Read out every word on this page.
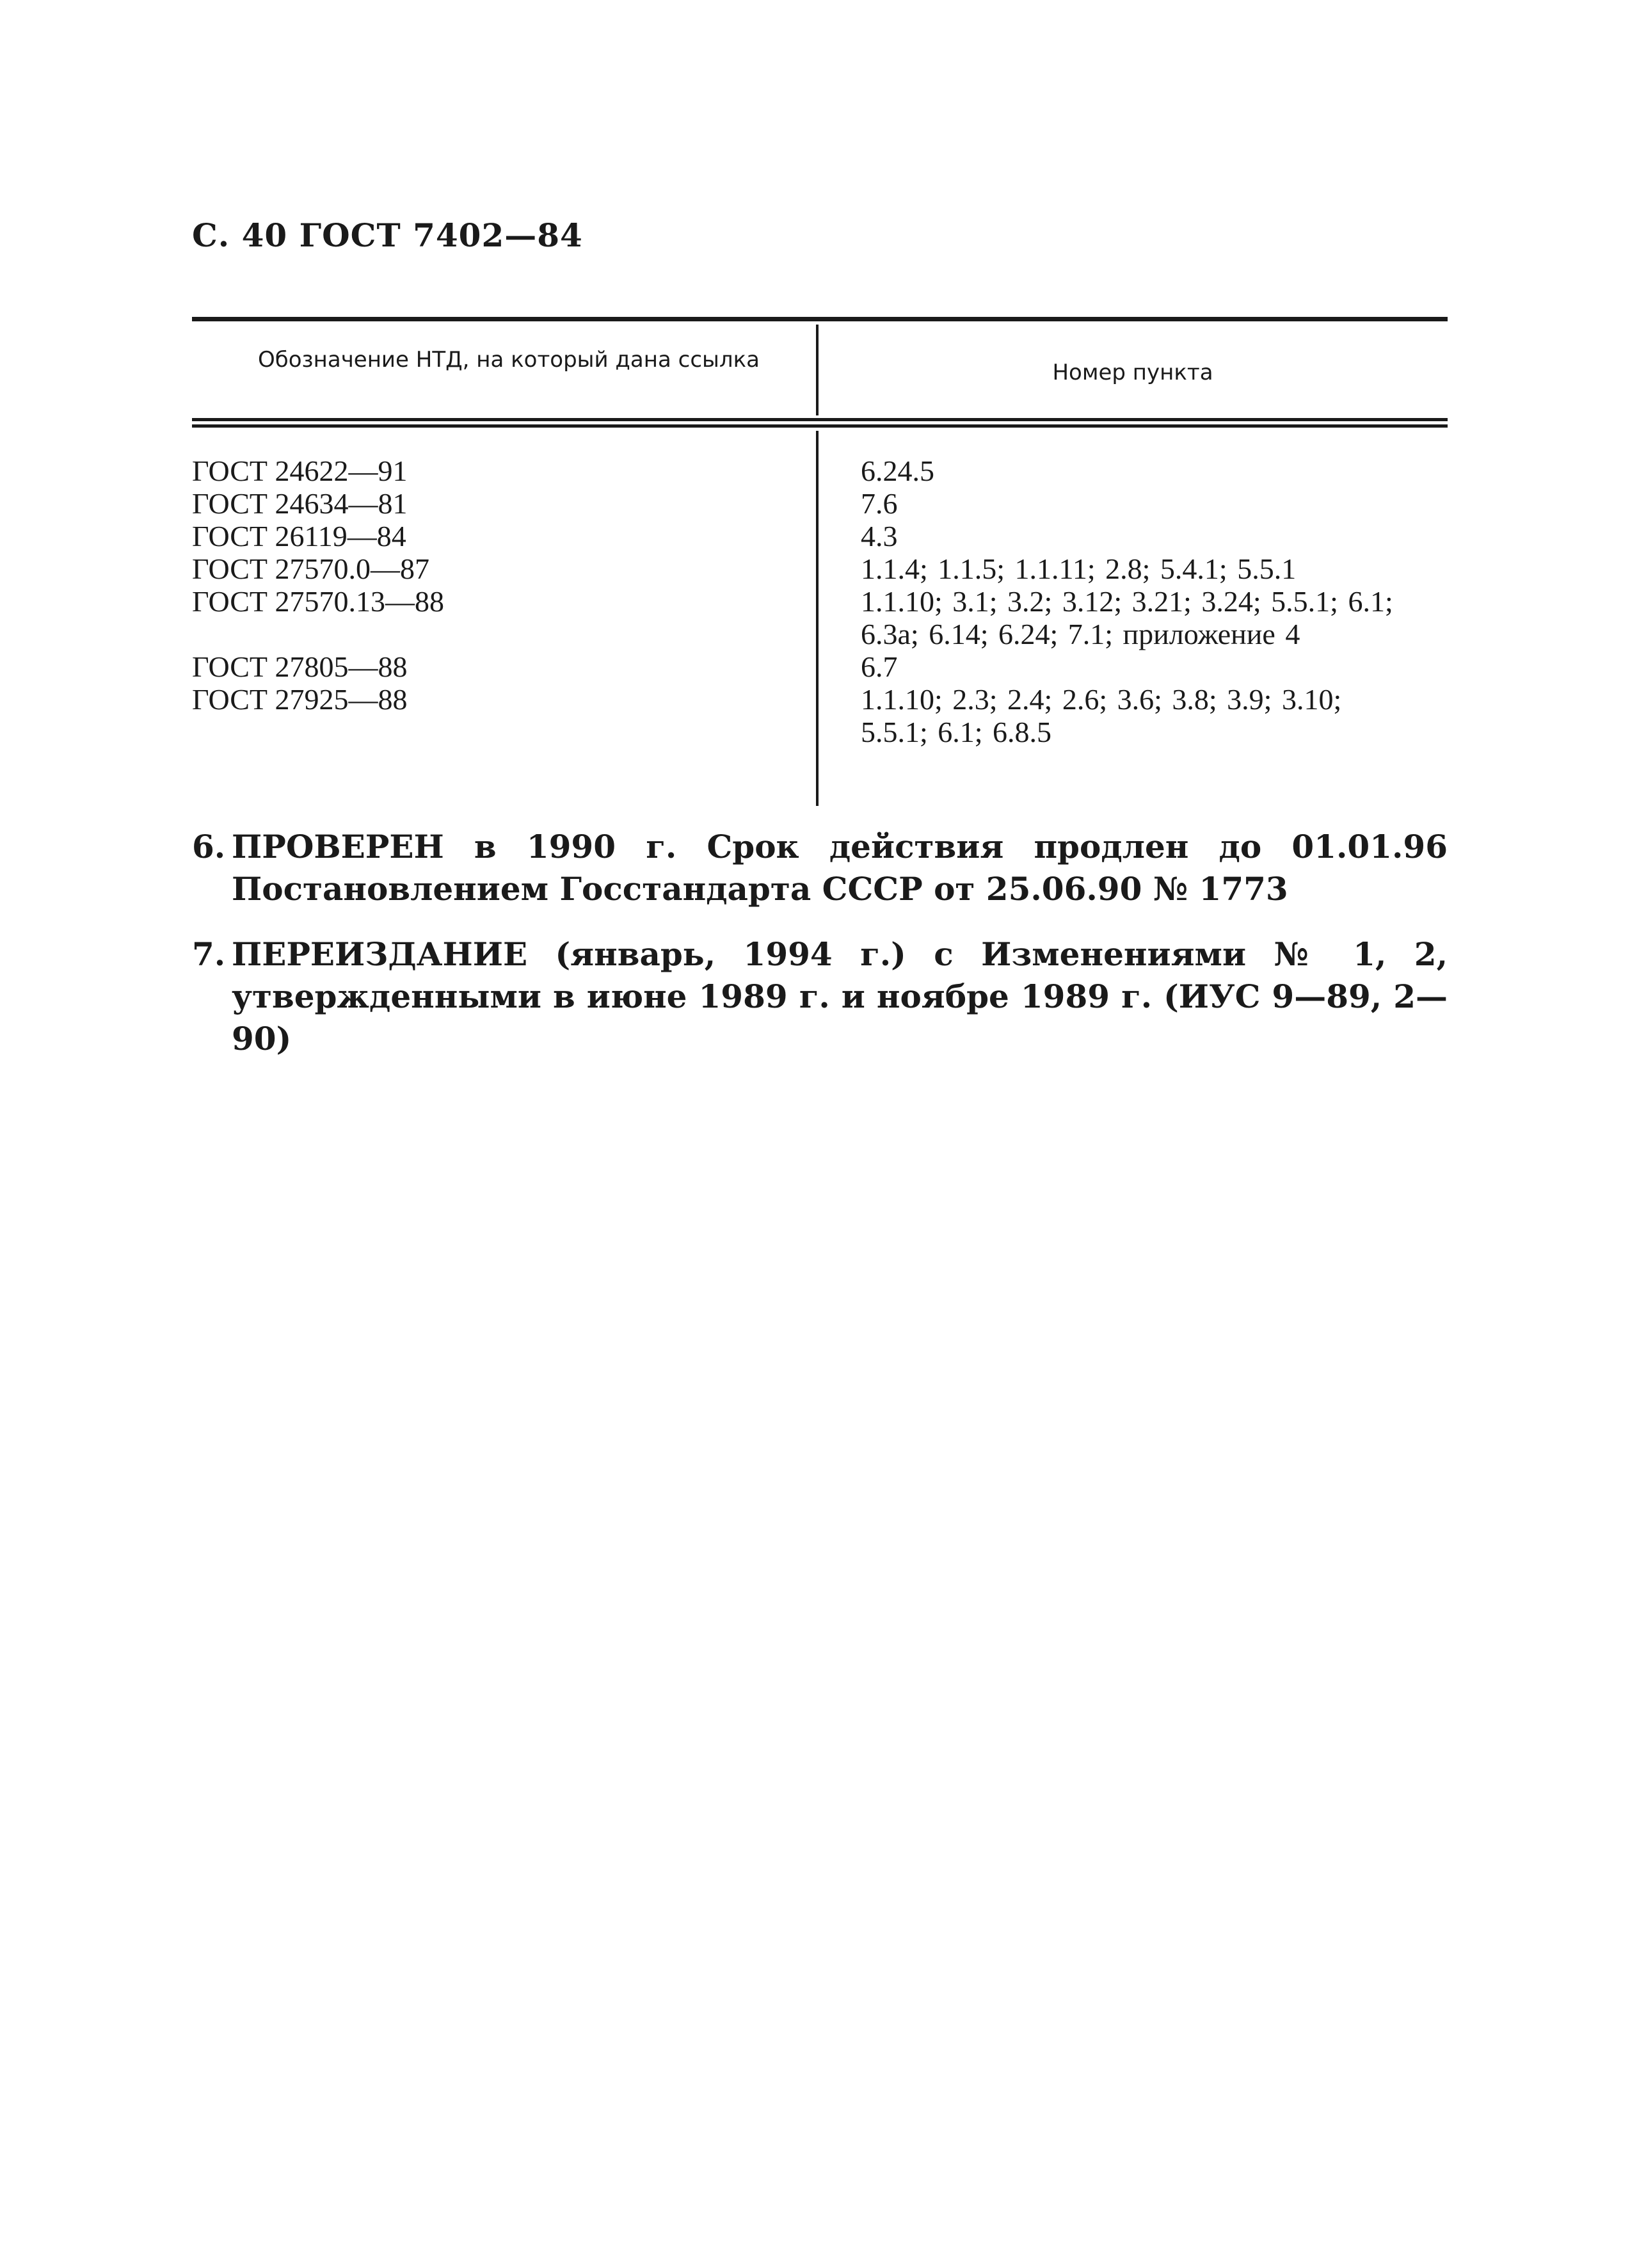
С. 40 ГОСТ 7402—84
Обозначение НТД, на который дана ссылка	Номер пункта
ГОСТ 24622—91	6.24.5
ГОСТ 24634—81	7.6
ГОСТ 26119—84	4.3
ГОСТ 27570.0—87	1.1.4; 1.1.5; 1.1.11; 2.8; 5.4.1; 5.5.1
ГОСТ 27570.13—88	1.1.10; 3.1; 3.2; 3.12; 3.21; 3.24; 5.5.1; 6.1; 6.3а; 6.14; 6.24; 7.1; приложение 4
ГОСТ 27805—88	6.7
ГОСТ 27925—88	1.1.10; 2.3; 2.4; 2.6; 3.6; 3.8; 3.9; 3.10; 5.5.1; 6.1; 6.8.5
6. ПРОВЕРЕН в 1990 г. Срок действия продлен до 01.01.96 Постановлением Госстандарта СССР от 25.06.90 № 1773
7. ПЕРЕИЗДАНИЕ (январь, 1994 г.) с Изменениями № 1, 2, утвержденными в июне 1989 г. и ноябре 1989 г. (ИУС 9—89, 2—90)
